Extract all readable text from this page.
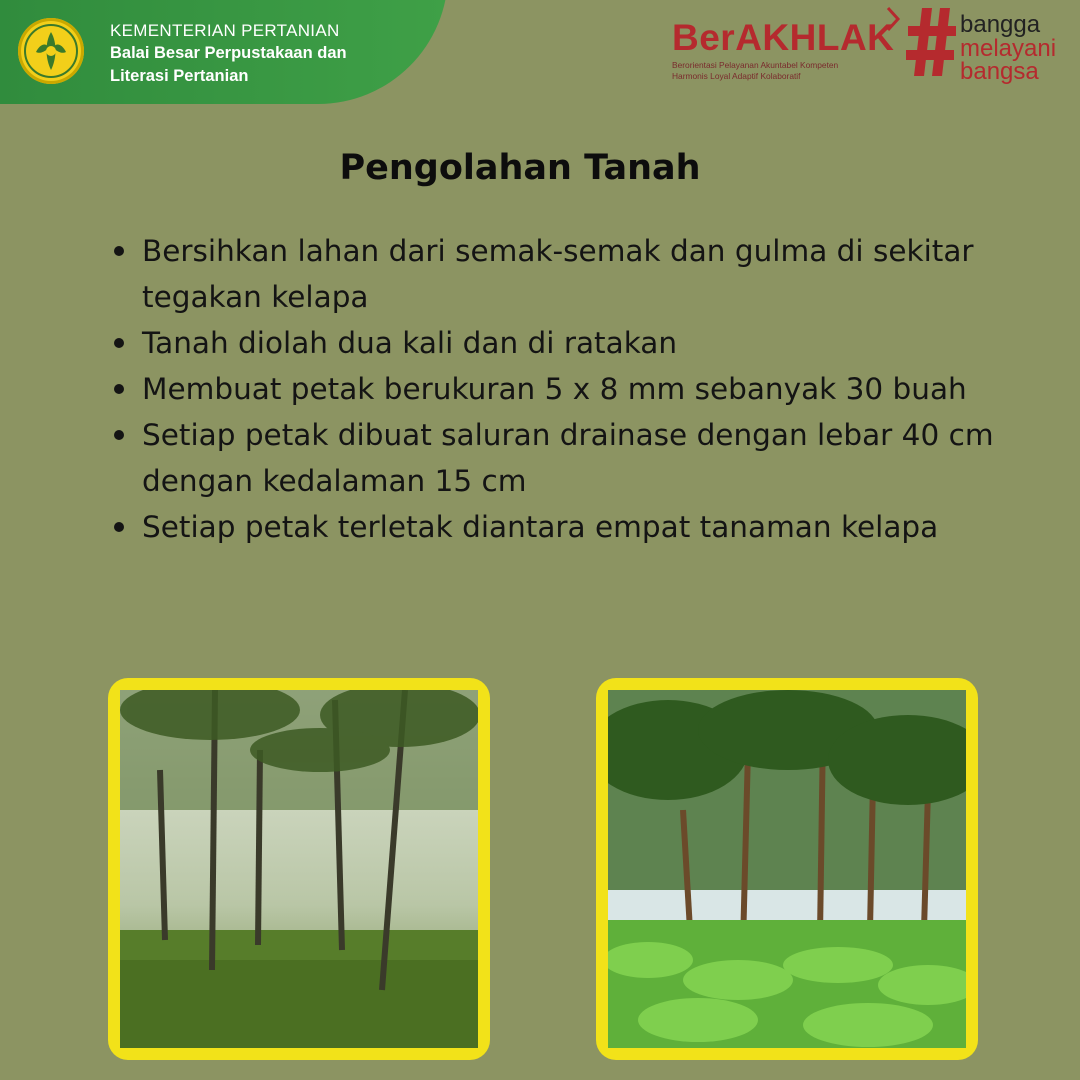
KEMENTERIAN PERTANIAN
Balai Besar Perpustakaan dan
Literasi Pertanian
BerAKHLAK
Berorientasi Pelayanan Akuntabel Kompeten
Harmonis Loyal Adaptif Kolaboratif
bangga
melayani
bangsa
Pengolahan Tanah
Bersihkan lahan dari semak-semak dan gulma di sekitar tegakan kelapa
Tanah diolah dua kali dan di ratakan
Membuat petak berukuran 5 x 8 mm sebanyak 30 buah
Setiap petak dibuat saluran drainase dengan lebar 40 cm dengan kedalaman 15 cm
Setiap petak terletak diantara empat tanaman kelapa
